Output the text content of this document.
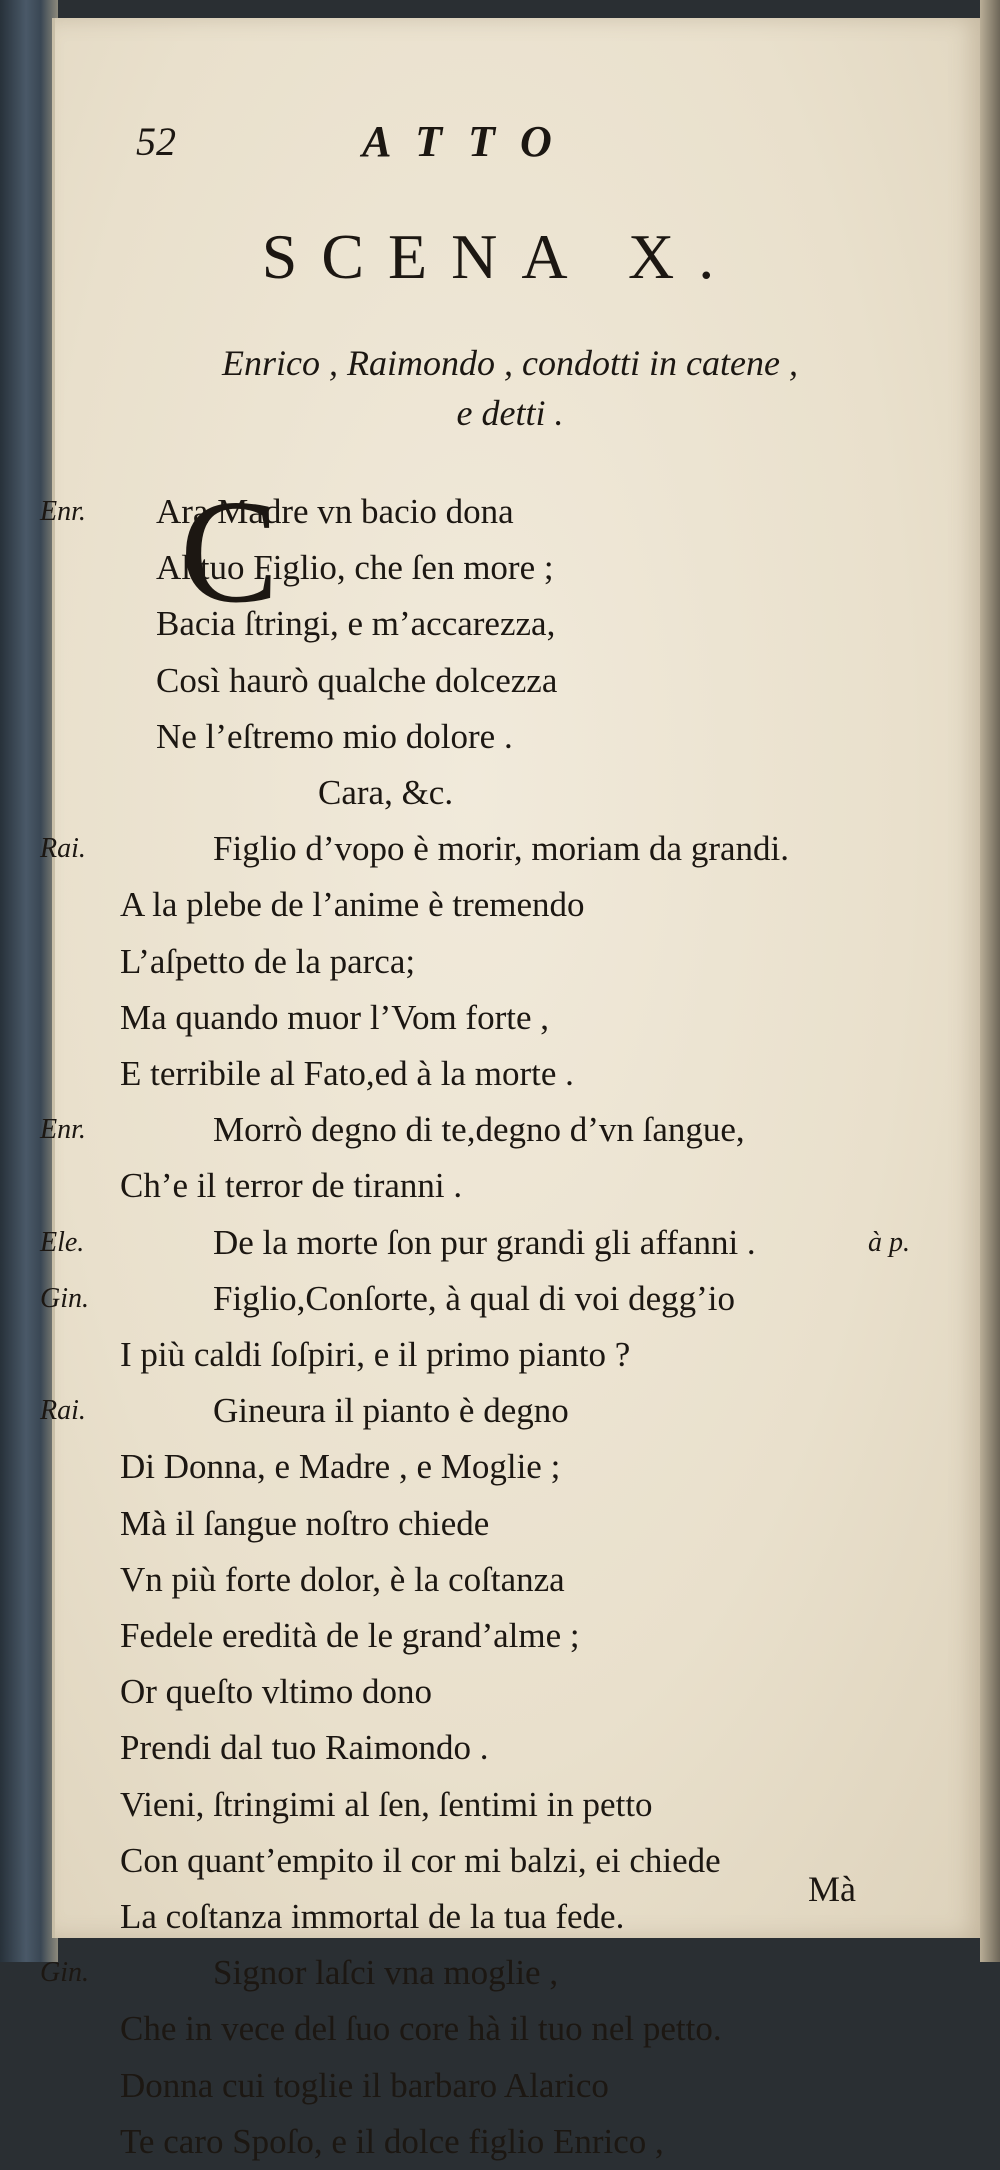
52	ATTO
SCENA X.
Enrico , Raimondo , condotti in catene ,
e detti .
C
Enr. Ara Madre vn bacio dona
Al tuo Figlio, che ſen more ;
Bacia ſtringi, e m’accarezza,
Così haurò qualche dolcezza
Ne l’eſtremo mio dolore .
Cara, &c.
Rai.	Figlio d’vopo è morir, moriam da grandi.
A la plebe de l’anime è tremendo
L’aſpetto de la parca;
Ma quando muor l’Vom forte ,
E terribile al Fato,ed à la morte .
Enr.	Morrò degno di te,degno d’vn ſangue,
Ch’e il terror de tiranni .
Ele.	De la morte ſon pur grandi gli affanni .	à p.
Gin.	Figlio,Conſorte, à qual di voi degg’io
I più caldi ſoſpiri, e il primo pianto ?
Rai.	Gineura il pianto è degno
Di Donna, e Madre , e Moglie ;
Mà il ſangue noſtro chiede
Vn più forte dolor, è la coſtanza
Fedele eredità de le grand’alme ;
Or queſto vltimo dono
Prendi dal tuo Raimondo .
Vieni, ſtringimi al ſen, ſentimi in petto
Con quant’empito il cor mi balzi, ei chiede
La coſtanza immortal de la tua fede.
Gin.	Signor laſci vna moglie ,
Che in vece del ſuo core hà il tuo nel petto.
Donna cui toglie il barbaro Alarico
Te caro Spoſo, e il dolce figlio Enrico ,
Mà
